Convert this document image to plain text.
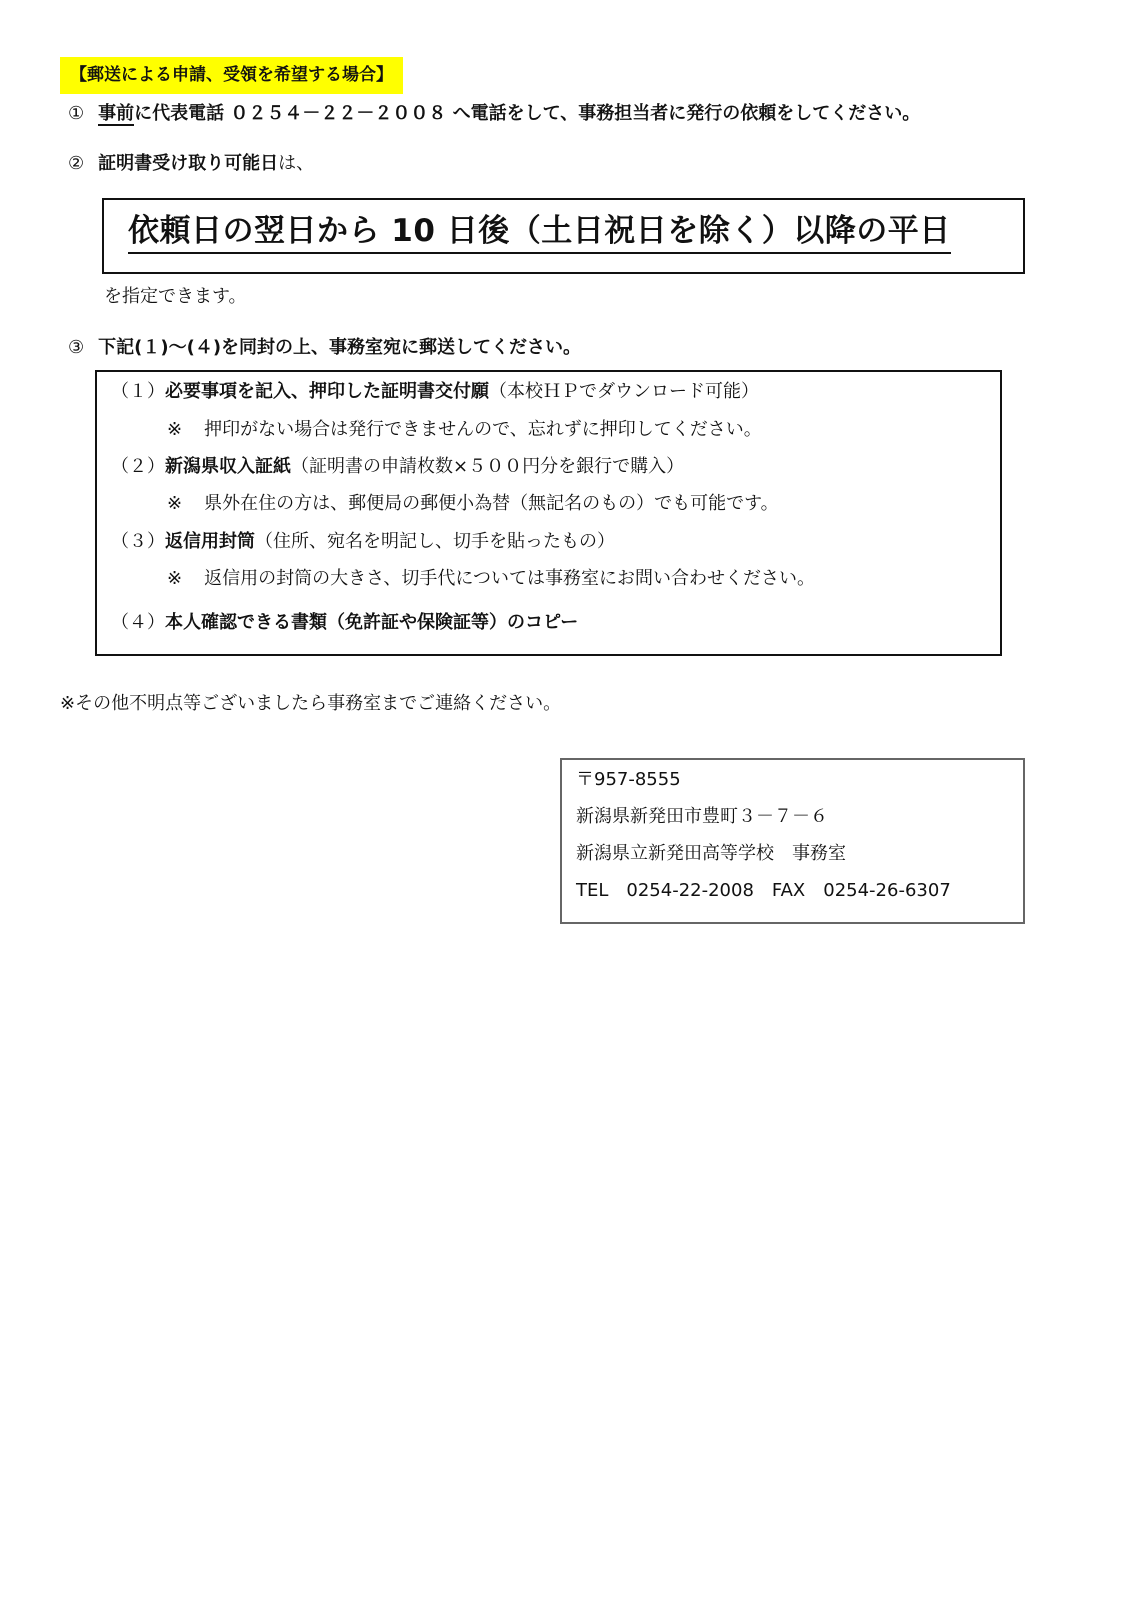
【郵送による申請、受領を希望する場合】
① 事前に代表電話 ０２５４－２２－２００８ へ電話をして、事務担当者に発行の依頼をしてください。
② 証明書受け取り可能日は、
依頼日の翌日から 10 日後（土日祝日を除く）以降の平日
を指定できます。
③ 下記(１)～(４)を同封の上、事務室宛に郵送してください。
（１）必要事項を記入、押印した証明書交付願（本校ＨＰでダウンロード可能）
※ 押印がない場合は発行できませんので、忘れずに押印してください。
（２）新潟県収入証紙（証明書の申請枚数×５００円分を銀行で購入）
※ 県外在住の方は、郵便局の郵便小為替（無記名のもの）でも可能です。
（３）返信用封筒（住所、宛名を明記し、切手を貼ったもの）
※ 返信用の封筒の大きさ、切手代については事務室にお問い合わせください。
（４）本人確認できる書類（免許証や保険証等）のコピー
※その他不明点等ございましたら事務室までご連絡ください。
〒957-8555
新潟県新発田市豊町３－７－６
新潟県立新発田高等学校　事務室
TEL　0254-22-2008　FAX　0254-26-6307
